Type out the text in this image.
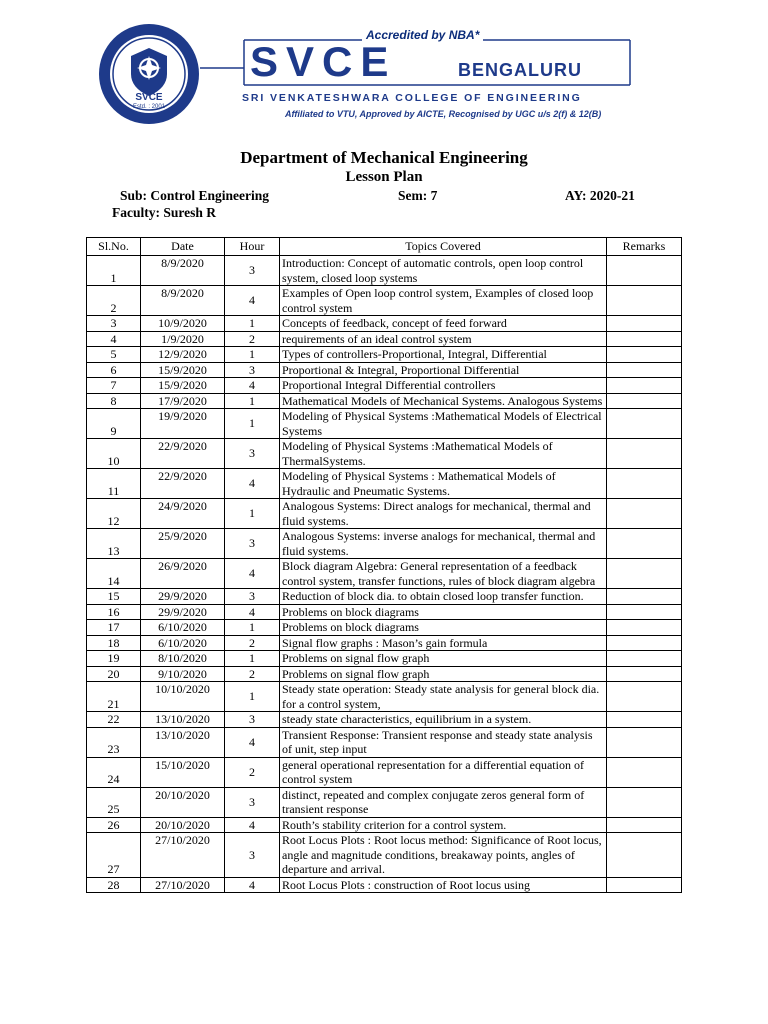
SVCE
Estd. : 2001
Accredited by NBA*
SVCE	BENGALURU
SRI VENKATESHWARA COLLEGE OF ENGINEERING
Affiliated to VTU, Approved by AICTE, Recognised by UGC u/s 2(f) & 12(B)
Department of Mechanical Engineering
Lesson Plan
Sub: Control Engineering	Sem: 7	AY: 2020-21
Faculty: Suresh R
Sl.No.	Date	Hour	Topics Covered	Remarks
1	8/9/2020	3	Introduction: Concept of automatic controls, open loop control system, closed loop systems	
2	8/9/2020	4	Examples of Open loop control system, Examples of closed loop control system	
3	10/9/2020	1	Concepts of feedback, concept of feed forward	
4	1/9/2020	2	requirements of an ideal control system	
5	12/9/2020	1	Types of controllers-Proportional, Integral, Differential	
6	15/9/2020	3	Proportional & Integral, Proportional Differential	
7	15/9/2020	4	Proportional Integral Differential controllers	
8	17/9/2020	1	Mathematical Models of Mechanical Systems. Analogous Systems	
9	19/9/2020	1	Modeling of Physical Systems :Mathematical Models of Electrical Systems	
10	22/9/2020	3	Modeling of Physical Systems :Mathematical Models of ThermalSystems.	
11	22/9/2020	4	Modeling of Physical Systems : Mathematical Models of Hydraulic and Pneumatic Systems.	
12	24/9/2020	1	Analogous Systems: Direct analogs for mechanical, thermal and fluid systems.	
13	25/9/2020	3	Analogous Systems: inverse analogs for mechanical, thermal and fluid systems.	
14	26/9/2020	4	Block diagram Algebra: General representation of a feedback control system, transfer functions, rules of block diagram algebra	
15	29/9/2020	3	Reduction of block dia. to obtain closed loop transfer function.	
16	29/9/2020	4	Problems on block diagrams	
17	6/10/2020	1	Problems on block diagrams	
18	6/10/2020	2	Signal flow graphs : Mason’s gain formula	
19	8/10/2020	1	Problems on signal flow graph	
20	9/10/2020	2	Problems on signal flow graph	
21	10/10/2020	1	Steady state operation: Steady state analysis for general block dia. for a control system,	
22	13/10/2020	3	steady state characteristics, equilibrium in a system.	
23	13/10/2020	4	Transient Response: Transient response and steady state analysis of unit, step input	
24	15/10/2020	2	general operational representation for a differential equation of control system	
25	20/10/2020	3	distinct, repeated and complex conjugate zeros general form of transient response	
26	20/10/2020	4	Routh’s stability criterion for a control system.	
27	27/10/2020	3	Root Locus Plots : Root locus method: Significance of Root locus, angle and magnitude conditions, breakaway points, angles of departure and arrival.	
28	27/10/2020	4	Root Locus Plots : construction of Root locus using	
